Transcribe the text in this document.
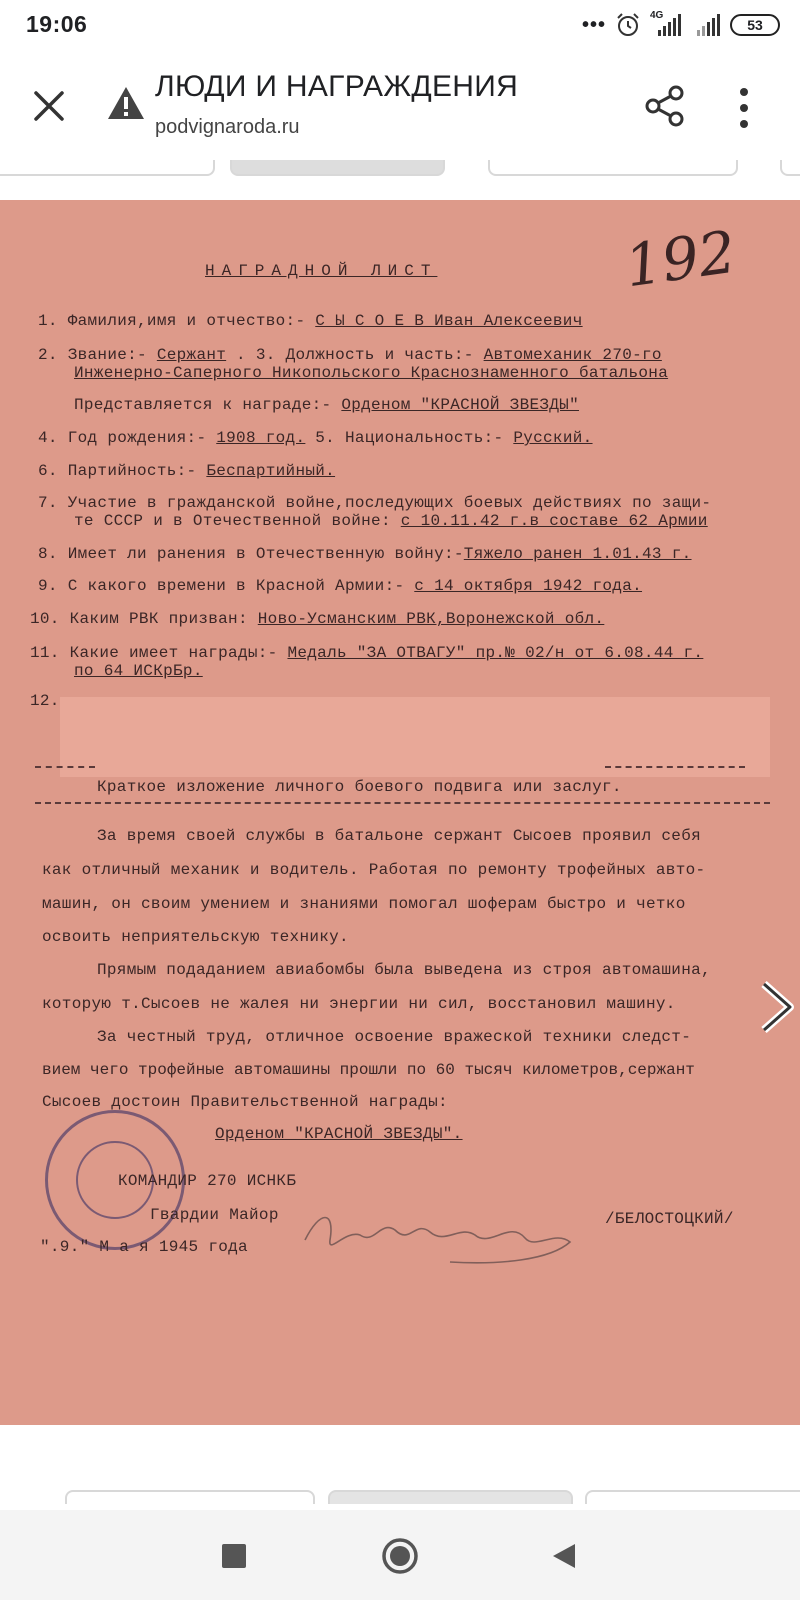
19:06	•••	4G
53
ЛЮДИ И НАГРАЖДЕНИЯ
podvignaroda.ru
192
НАГРАДНОЙ ЛИСТ
1. Фамилия,имя и отчество:- С Ы С О Е В Иван Алексеевич
2. Звание:- Сержант . 3. Должность и часть:- Автомеханик 270-го
Инженерно-Саперного Никопольского Краснознаменного батальона
Представляется к награде:- Орденом "КРАСНОЙ ЗВЕЗДЫ"
4. Год рождения:- 1908 год. 5. Национальность:- Русский.
6. Партийность:- Беспартийный.
7. Участие в гражданской войне,последующих боевых действиях по защи-
те СССР и в Отечественной войне: с 10.11.42 г.в составе 62 Армии
8. Имеет ли ранения в Отечественную войну:-Тяжело ранен 1.01.43 г.
9. С какого времени в Красной Армии:- с 14 октября 1942 года.
10. Каким РВК призван: Ново-Усманским РВК,Воронежской обл.
11. Какие имеет награды:- Медаль "ЗА ОТВАГУ" пр.№ 02/н от 6.08.44 г.
по 64 ИСКрБр.
12.
Краткое изложение личного боевого подвига или заслуг.
За время своей службы в батальоне сержант Сысоев проявил себя
как отличный механик и водитель. Работая по ремонту трофейных авто-
машин, он своим умением и знаниями помогал шоферам быстро и четко
освоить неприятельскую технику.
Прямым подаданием авиабомбы была выведена из строя автомашина,
которую т.Сысоев не жалея ни энергии ни сил, восстановил машину.
За честный труд, отличное освоение вражеской техники следст-
вием чего трофейные автомашины прошли по 60 тысяч километров,сержант
Сысоев достоин Правительственной награды:
Орденом "КРАСНОЙ ЗВЕЗДЫ".
КОМАНДИР 270 ИСНКБ
Гвардии Майор	/БЕЛОСТОЦКИЙ/
".9." М а я 1945 года
